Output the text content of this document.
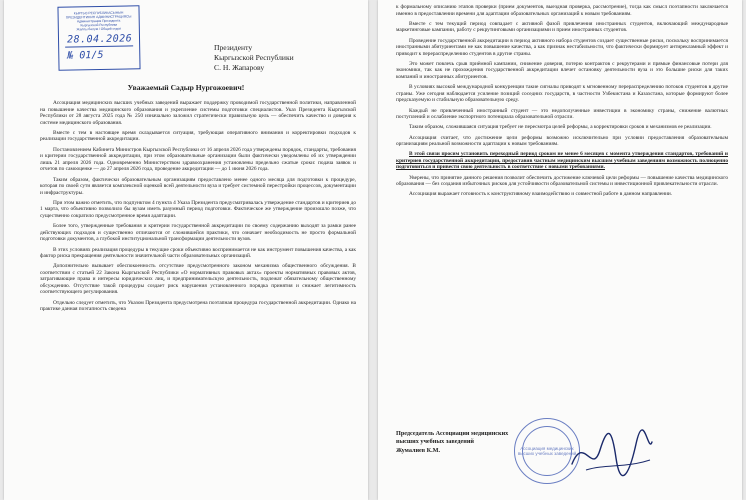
КЫРГЫЗ РЕСПУБЛИКАСЫНЫН
ПРЕЗИДЕНТИНИН АДМИНИСТРАЦИЯСЫ
Администрация Президента
Кыргызской Республики
Жалпы бөлүм / Общий отдел
28.04.2026
№ 01/5
Президенту
Кыргызской Республики
С. Н. Жапарову
Уважаемый Садыр Нургожоевич!

Ассоциация медицинских высших учебных заведений выражает поддержку проводимой государственной политики, направленной на повышение качества медицинского образования и укрепление системы подготовки специалистов. Указ Президента Кыргызской Республики от 28 августа 2025 года № 250 изначально заложил стратегически правильную цель — обеспечить качество и доверия к системе медицинского образования.

Вместе с тем в настоящее время складывается ситуация, требующая оперативного внимания и корректировки подходов к реализации государственной аккредитации.

Постановлением Кабинета Министров Кыргызской Республики от 16 апреля 2026 года утверждены порядок, стандарты, требования и критерии государственной аккредитации, при этом образовательные организации были фактически уведомлены об их утверждении лишь 21 апреля 2026 года. Одновременно Министерством здравоохранения установлены предельно сжатые сроки: подача заявок и отчетов по самооценке — до 27 апреля 2026 года, проведение аккредитации — до 1 июня 2026 года.

Таким образом, фактически образовательным организациям предоставлено менее одного месяца для подготовки к процедуре, которая по своей сути является комплексной оценкой всей деятельности вуза и требует системной перестройки процессов, документации и инфраструктуры.

При этом важно отметить, что подпунктом 4 пункта 4 Указа Президента предусматривалась утверждение стандартов и критериев до 1 марта, что объективно позволило бы вузам иметь разумный период подготовки. Фактическое же утверждение произошло позже, что существенно сократило предусмотренное время адаптации.

Более того, утвержденные требования и критерии государственной аккредитации по своему содержанию выходят за рамки ранее действующих подходов и существенно отличаются от сложившейся практики, что означает необходимость не просто формальной подготовки документов, а глубокой институциональной трансформации деятельности вузов.

В этих условиях реализация процедуры в текущие сроки объективно воспринимается не как инструмент повышения качества, а как фактор риска прекращения деятельности значительной части образовательных организаций.

Дополнительно вызывает обеспокоенность отсутствие предусмотренного законом механизма общественного обсуждения. В соответствии с статьей 22 Закона Кыргызской Республики «О нормативных правовых актах» проекты нормативных правовых актов, затрагивающие права и интересы юридических лиц, и предпринимательскую деятельность, подлежат обязательному общественному обсуждению. Отсутствие такой процедуры создает риск нарушения установленного порядка принятия и снижает легитимность соответствующего регулирования.

Отдельно следует отметить, что Указом Президента предусмотрена поэтапная процедура государственной аккредитации. Однако на практике данная поэтапность сведена

к формальному описанию этапов проверки (прием документов, выездная проверка, рассмотрение), тогда как смысл поэтапности заключается именно в предоставлении времени для адаптации образовательных организаций к новым требованиям.

Вместе с тем текущий период совпадает с активной фазой привлечения иностранных студентов, включающий международные маркетинговые кампании, работу с рекрутинговыми организациями и прием иностранных студентов.

Проведение государственной аккредитации в период активного набора студентов создает существенные риски, поскольку воспринимается иностранными абитуриентами не как повышение качества, а как признак нестабильности, что фактически формирует антирекламный эффект и приводит к перераспределению студентов в другие страны.

Это может повлечь срыв приёмной кампании, снижение доверия, потерю контрактов с рекрутерами и прямые финансовые потери для экономики, так как не прохождения государственной аккредитации влечет остановку деятельности вуза и это большие риски для таких компаний и иностранных абитуриентов.

В условиях высокой международной конкуренции такие сигналы приводят к мгновенному перераспределению потоков студентов в другие страны. Уже сегодня наблюдается усиление позиций соседних государств, в частности Узбекистана и Казахстана, которые формируют более предсказуемую и стабильную образовательную среду.

Каждый не привлеченный иностранный студент — это недополученные инвестиции в экономику страны, снижение валютных поступлений и ослабление экспортного потенциала образовательной отрасли.

Таким образом, сложившаяся ситуация требует не пересмотра целей реформы, а корректировки сроков и механизмов ее реализации.

Ассоциация считает, что достижение цели реформы возможно исключительно при условии предоставления образовательным организациям реальной возможности адаптации к новым требованиям.

В этой связи просим установить переходный период сроком не менее 6 месяцев с момента утверждения стандартов, требований и критериев государственной аккредитации, предоставив частным медицинским высшим учебным заведениям возможность полноценно подготовиться и привести свою деятельность в соответствие с новыми требованиями.

Уверены, что принятие данного решения позволит обеспечить достижение ключевой цели реформы — повышение качества медицинского образования — без создания избыточных рисков для устойчивости образовательной системы и инвестиционной привлекательности отрасли.

Ассоциация выражает готовность к конструктивному взаимодействию и совместной работе в данном направлении.

Председатель Ассоциации медицинских
высших учебных заведений
Жумалиев К.М.	Ассоциация медицинских высших учебных заведений
